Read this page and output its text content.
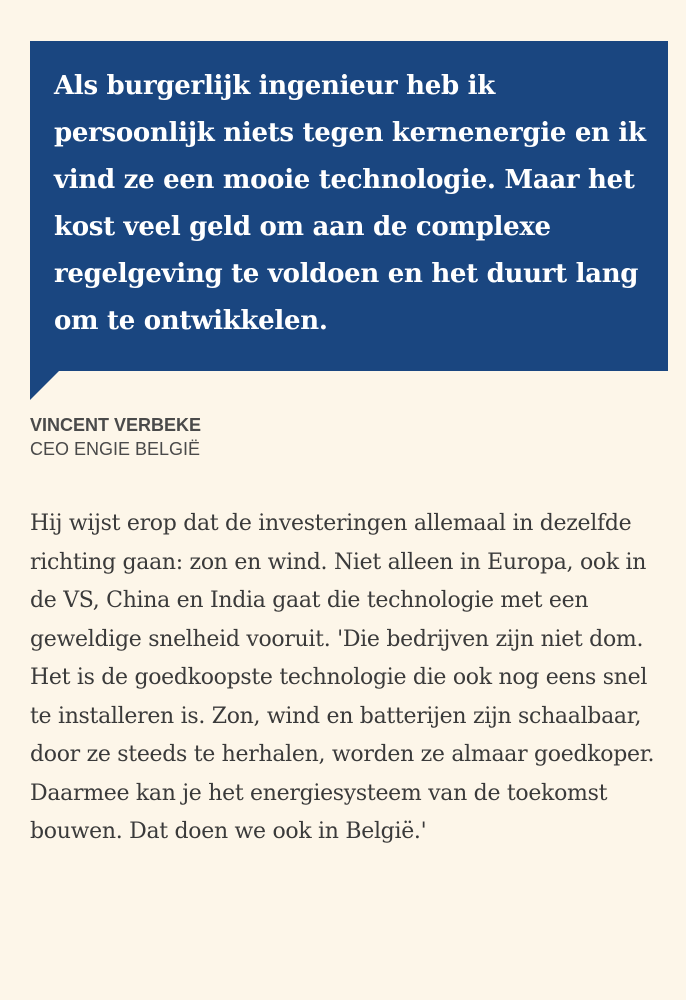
Als burgerlijk ingenieur heb ik persoonlijk niets tegen kernenergie en ik vind ze een mooie technologie. Maar het kost veel geld om aan de complexe regelgeving te voldoen en het duurt lang om te ontwikkelen.

VINCENT VERBEKE
CEO ENGIE BELGIË

Hij wijst erop dat de investeringen allemaal in dezelfde richting gaan: zon en wind. Niet alleen in Europa, ook in de VS, China en India gaat die technologie met een geweldige snelheid vooruit. 'Die bedrijven zijn niet dom. Het is de goedkoopste technologie die ook nog eens snel te installeren is. Zon, wind en batterijen zijn schaalbaar, door ze steeds te herhalen, worden ze almaar goedkoper. Daarmee kan je het energiesysteem van de toekomst bouwen. Dat doen we ook in België.'
